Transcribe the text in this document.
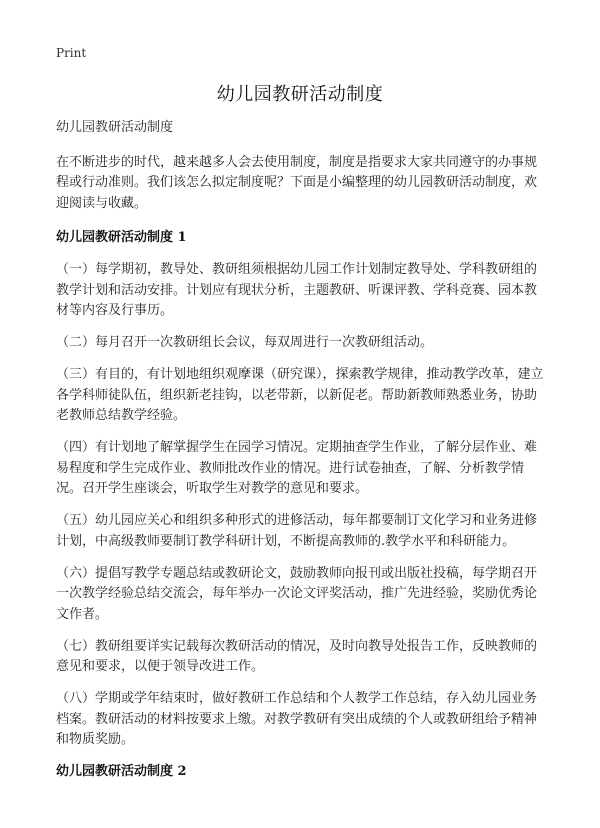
Print
幼儿园教研活动制度

幼儿园教研活动制度

在不断进步的时代，越来越多人会去使用制度，制度是指要求大家共同遵守的办事规程或行动准则。我们该怎么拟定制度呢？下面是小编整理的幼儿园教研活动制度，欢迎阅读与收藏。

幼儿园教研活动制度 1

（一）每学期初，教导处、教研组须根据幼儿园工作计划制定教导处、学科教研组的教学计划和活动安排。计划应有现状分析，主题教研、听课评教、学科竞赛、园本教材等内容及行事历。

（二）每月召开一次教研组长会议，每双周进行一次教研组活动。

（三）有目的，有计划地组织观摩课（研究课），探索教学规律，推动教学改革，建立各学科师徒队伍，组织新老挂钩，以老带新，以新促老。帮助新教师熟悉业务，协助老教师总结教学经验。

（四）有计划地了解掌握学生在园学习情况。定期抽查学生作业，了解分层作业、难易程度和学生完成作业、教师批改作业的情况。进行试卷抽查，了解、分析教学情况。召开学生座谈会，听取学生对教学的意见和要求。

（五）幼儿园应关心和组织多种形式的进修活动，每年都要制订文化学习和业务进修计划，中高级教师要制订教学科研计划，不断提高教师的.教学水平和科研能力。

（六）提倡写教学专题总结或教研论文，鼓励教师向报刊或出版社投稿，每学期召开一次教学经验总结交流会，每年举办一次论文评奖活动，推广先进经验，奖励优秀论文作者。

（七）教研组要详实记载每次教研活动的情况，及时向教导处报告工作，反映教师的意见和要求，以便于领导改进工作。

（八）学期或学年结束时，做好教研工作总结和个人教学工作总结，存入幼儿园业务档案。教研活动的材料按要求上缴。对教学教研有突出成绩的个人或教研组给予精神和物质奖励。

幼儿园教研活动制度 2
